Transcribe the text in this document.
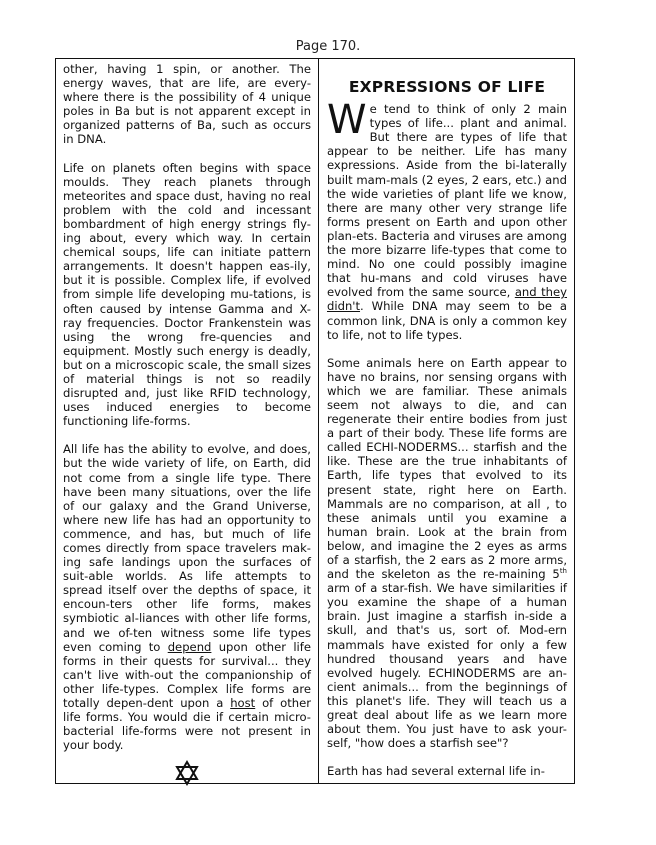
Page 170.

other, having 1 spin, or another. The energy waves, that are life, are every-where there is the possibility of 4 unique poles in Ba but is not apparent except in organized patterns of Ba, such as occurs in DNA.

Life on planets often begins with space moulds. They reach planets through meteorites and space dust, having no real problem with the cold and incessant bombardment of high energy strings fly-ing about, every which way. In certain chemical soups, life can initiate pattern arrangements. It doesn't happen eas-ily, but it is possible. Complex life, if evolved from simple life developing mu-tations, is often caused by intense Gamma and X-ray frequencies. Doctor Frankenstein was using the wrong fre-quencies and equipment. Mostly such energy is deadly, but on a microscopic scale, the small sizes of material things is not so readily disrupted and, just like RFID technology, uses induced energies to become functioning life-forms.

All life has the ability to evolve, and does, but the wide variety of life, on Earth, did not come from a single life type. There have been many situations, over the life of our galaxy and the Grand Universe, where new life has had an opportunity to commence, and has, but much of life comes directly from space travelers mak-ing safe landings upon the surfaces of suit-able worlds. As life attempts to spread itself over the depths of space, it encoun-ters other life forms, makes symbiotic al-liances with other life forms, and we of-ten witness some life types even coming to depend upon other life forms in their quests for survival... they can't live with-out the companionship of other life-types. Complex life forms are totally depen-dent upon a host of other life forms. You would die if certain micro-bacterial life-forms were not present in your body.

EXPRESSIONS OF LIFE

We tend to think of only 2 main types of life... plant and animal. But there are types of life that appear to be neither. Life has many expressions. Aside from the bi-laterally built mam-mals (2 eyes, 2 ears, etc.) and the wide varieties of plant life we know, there are many other very strange life forms present on Earth and upon other plan-ets. Bacteria and viruses are among the more bizarre life-types that come to mind. No one could possibly imagine that hu-mans and cold viruses have evolved from the same source, and they didn't. While DNA may seem to be a common link, DNA is only a common key to life, not to life types.

Some animals here on Earth appear to have no brains, nor sensing organs with which we are familiar. These animals seem not always to die, and can regenerate their entire bodies from just a part of their body. These life forms are called ECHI-NODERMS... starfish and the like. These are the true inhabitants of Earth, life types that evolved to its present state, right here on Earth. Mammals are no comparison, at all , to these animals until you examine a human brain. Look at the brain from below, and imagine the 2 eyes as arms of a starfish, the 2 ears as 2 more arms, and the skeleton as the re-maining 5th arm of a star-fish. We have similarities if you examine the shape of a human brain. Just imagine a starfish in-side a skull, and that's us, sort of. Mod-ern mammals have existed for only a few hundred thousand years and have evolved hugely. ECHINODERMS are an-cient animals... from the beginnings of this planet's life. They will teach us a great deal about life as we learn more about them. You just have to ask your-self, "how does a starfish see"?

Earth has had several external life in-
